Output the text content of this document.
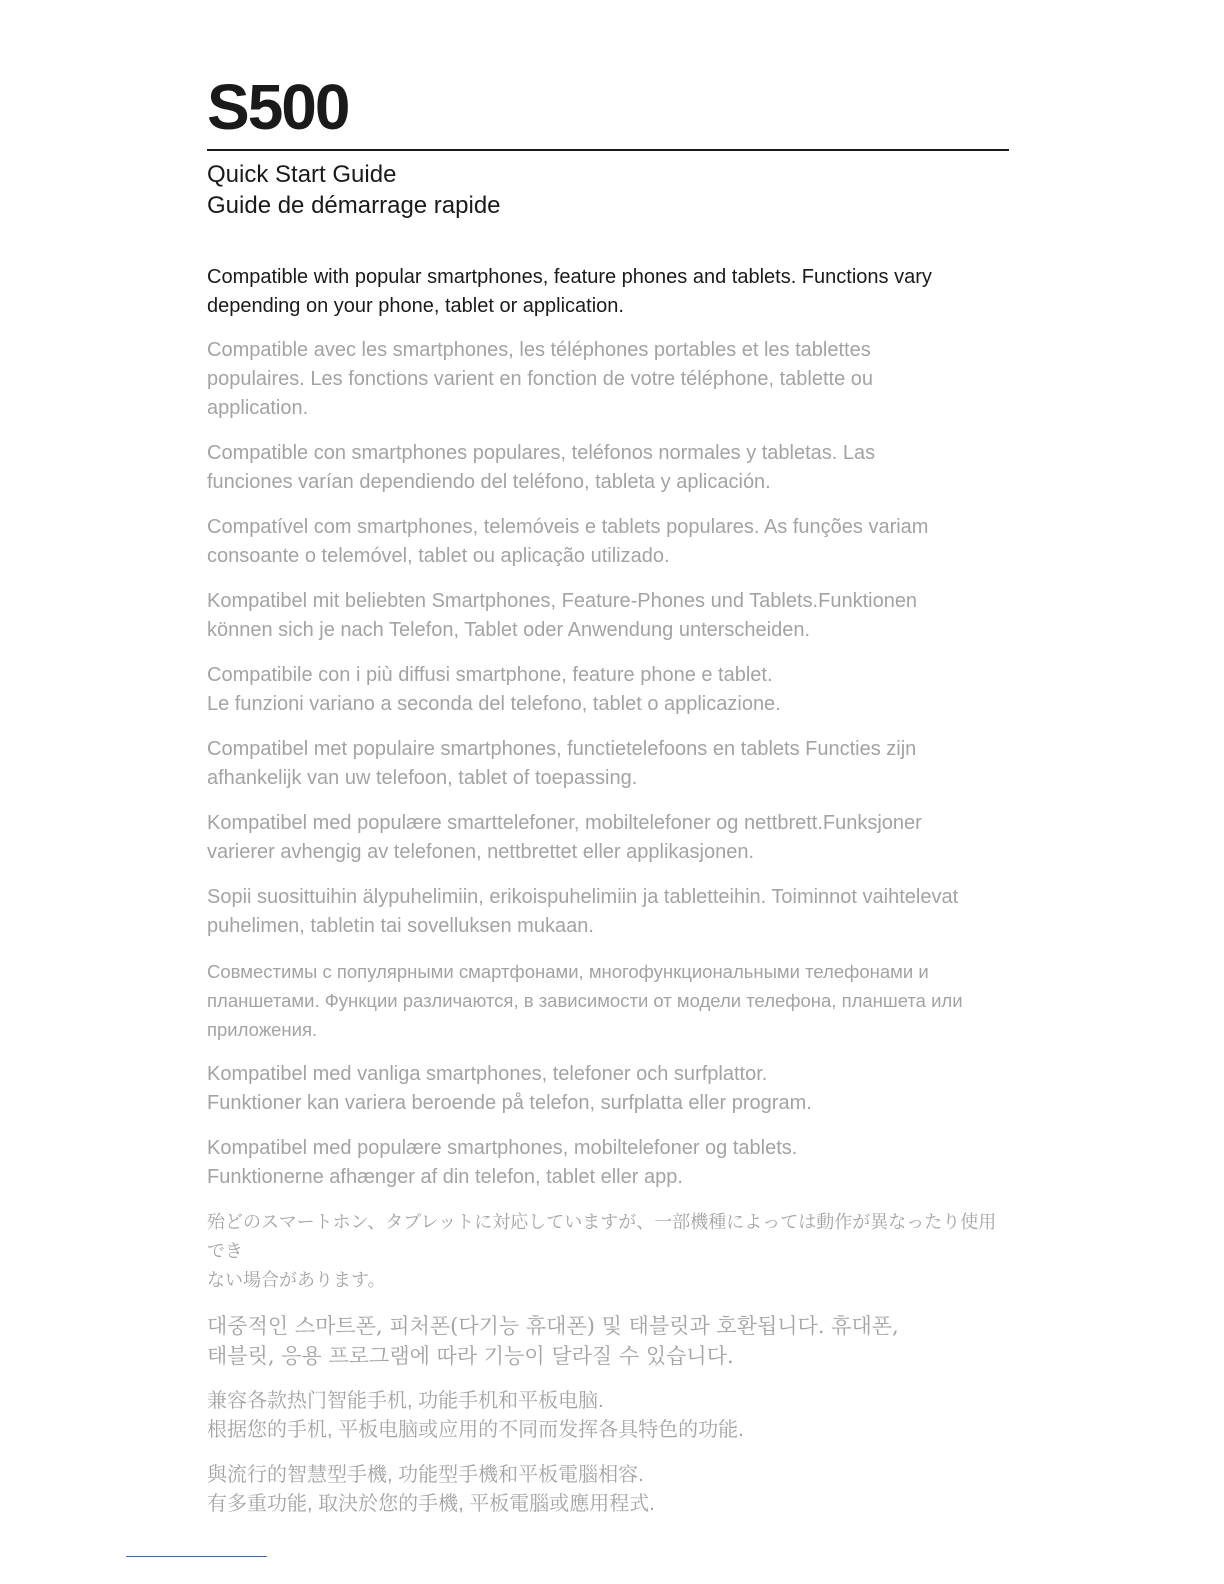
S500
Quick Start Guide
Guide de démarrage rapide

Compatible with popular smartphones, feature phones and tablets. Functions vary
depending on your phone, tablet or application.

Compatible avec les smartphones, les téléphones portables et les tablettes
populaires. Les fonctions varient en fonction de votre téléphone, tablette ou
application.
Compatible con smartphones populares, teléfonos normales y tabletas. Las
funciones varían dependiendo del teléfono, tableta y aplicación.
Compatível com smartphones, telemóveis e tablets populares. As funções variam
consoante o telemóvel, tablet ou aplicação utilizado.
Kompatibel mit beliebten Smartphones, Feature-Phones und Tablets.Funktionen
können sich je nach Telefon, Tablet oder Anwendung unterscheiden.
Compatibile con i più diffusi smartphone, feature phone e tablet.
Le funzioni variano a seconda del telefono, tablet o applicazione.
Compatibel met populaire smartphones, functietelefoons en tablets Functies zijn
afhankelijk van uw telefoon, tablet of toepassing.
Kompatibel med populære smarttelefoner, mobiltelefoner og nettbrett.Funksjoner
varierer avhengig av telefonen, nettbrettet eller applikasjonen.
Sopii suosittuihin älypuhelimiin, erikoispuhelimiin ja tabletteihin. Toiminnot vaihtelevat
puhelimen, tabletin tai sovelluksen mukaan.
Совместимы с популярными смартфонами, многофункциональными телефонами и
планшетами. Функции различаются, в зависимости от модели телефона, планшета или
приложения.
Kompatibel med vanliga smartphones, telefoner och surfplattor.
Funktioner kan variera beroende på telefon, surfplatta eller program.
Kompatibel med populære smartphones, mobiltelefoner og tablets.
Funktionerne afhænger af din telefon, tablet eller app.
殆どのスマートホン、タブレットに対応していますが、一部機種によっては動作が異なったり使用でき
ない場合があります。
대중적인 스마트폰, 피처폰(다기능 휴대폰) 및 태블릿과 호환됩니다. 휴대폰,
태블릿, 응용 프로그램에 따라 기능이 달라질 수 있습니다.
兼容各款热门智能手机, 功能手机和平板电脑.
根据您的手机, 平板电脑或应用的不同而发挥各具特色的功能.
與流行的智慧型手機, 功能型手機和平板電腦相容.
有多重功能, 取決於您的手機, 平板電腦或應用程式.
